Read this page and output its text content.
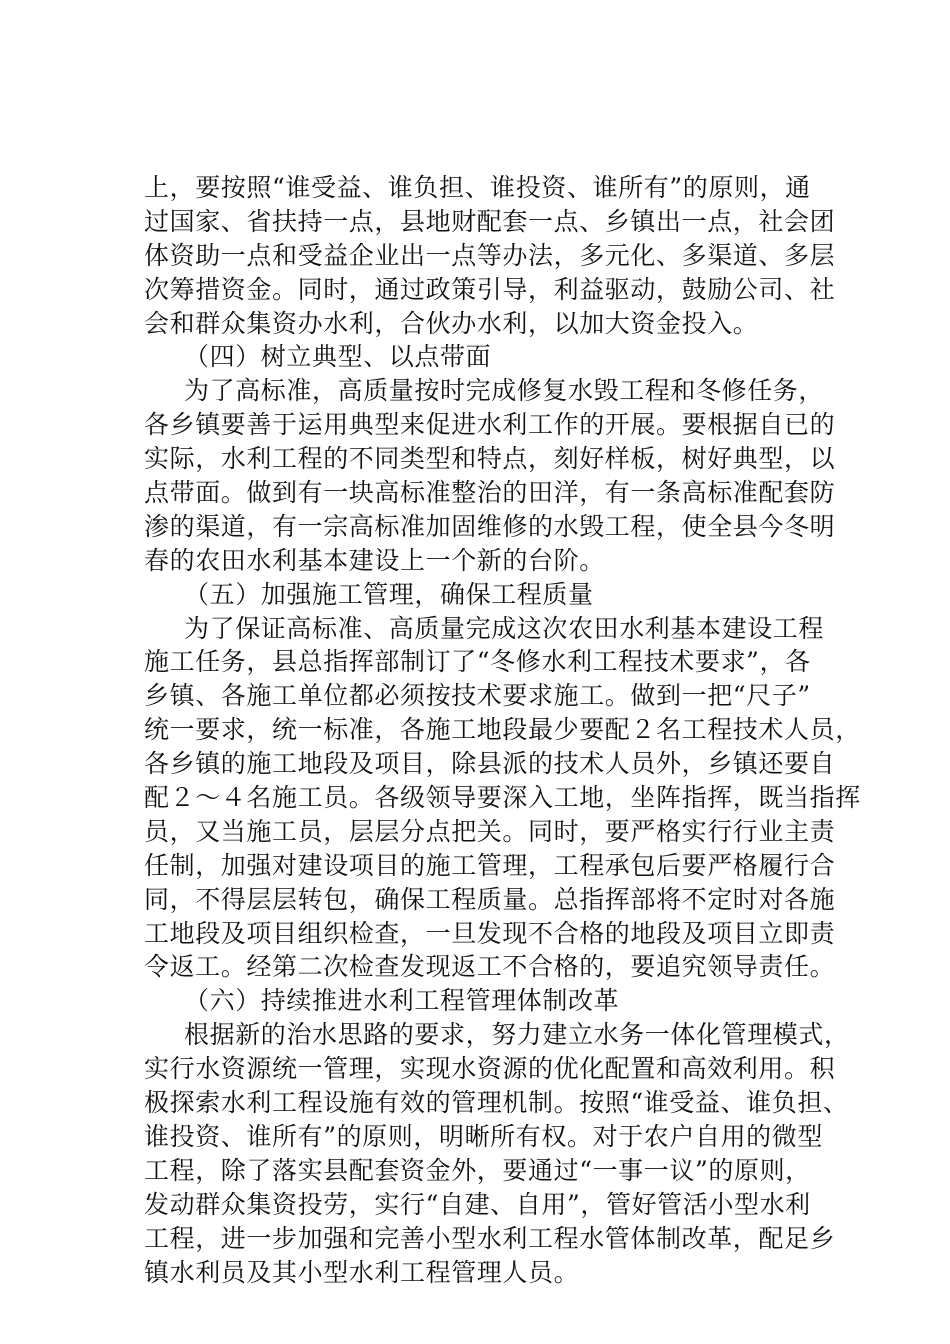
上，要按照“谁受益、谁负担、谁投资、谁所有”的原则，通
过国家、省扶持一点，县地财配套一点、乡镇出一点，社会团
体资助一点和受益企业出一点等办法，多元化、多渠道、多层
次筹措资金。同时，通过政策引导，利益驱动，鼓励公司、社
会和群众集资办水利，合伙办水利，以加大资金投入。
（四）树立典型、以点带面
为了高标准，高质量按时完成修复水毁工程和冬修任务，
各乡镇要善于运用典型来促进水利工作的开展。要根据自已的
实际，水利工程的不同类型和特点，刻好样板，树好典型，以
点带面。做到有一块高标准整治的田洋，有一条高标准配套防
渗的渠道，有一宗高标准加固维修的水毁工程，使全县今冬明
春的农田水利基本建设上一个新的台阶。
（五）加强施工管理，确保工程质量
为了保证高标准、高质量完成这次农田水利基本建设工程
施工任务，县总指挥部制订了“冬修水利工程技术要求”，各
乡镇、各施工单位都必须按技术要求施工。做到一把“尺子”
统一要求，统一标准，各施工地段最少要配２名工程技术人员，
各乡镇的施工地段及项目，除县派的技术人员外，乡镇还要自
配２～４名施工员。各级领导要深入工地，坐阵指挥，既当指挥
员，又当施工员，层层分点把关。同时，要严格实行行业主责
任制，加强对建设项目的施工管理，工程承包后要严格履行合
同，不得层层转包，确保工程质量。总指挥部将不定时对各施
工地段及项目组织检查，一旦发现不合格的地段及项目立即责
令返工。经第二次检查发现返工不合格的，要追究领导责任。
（六）持续推进水利工程管理体制改革
根据新的治水思路的要求，努力建立水务一体化管理模式，
实行水资源统一管理，实现水资源的优化配置和高效利用。积
极探索水利工程设施有效的管理机制。按照“谁受益、谁负担、
谁投资、谁所有”的原则，明晰所有权。对于农户自用的微型
工程，除了落实县配套资金外，要通过“一事一议”的原则，
发动群众集资投劳，实行“自建、自用”，管好管活小型水利
工程，进一步加强和完善小型水利工程水管体制改革，配足乡
镇水利员及其小型水利工程管理人员。
